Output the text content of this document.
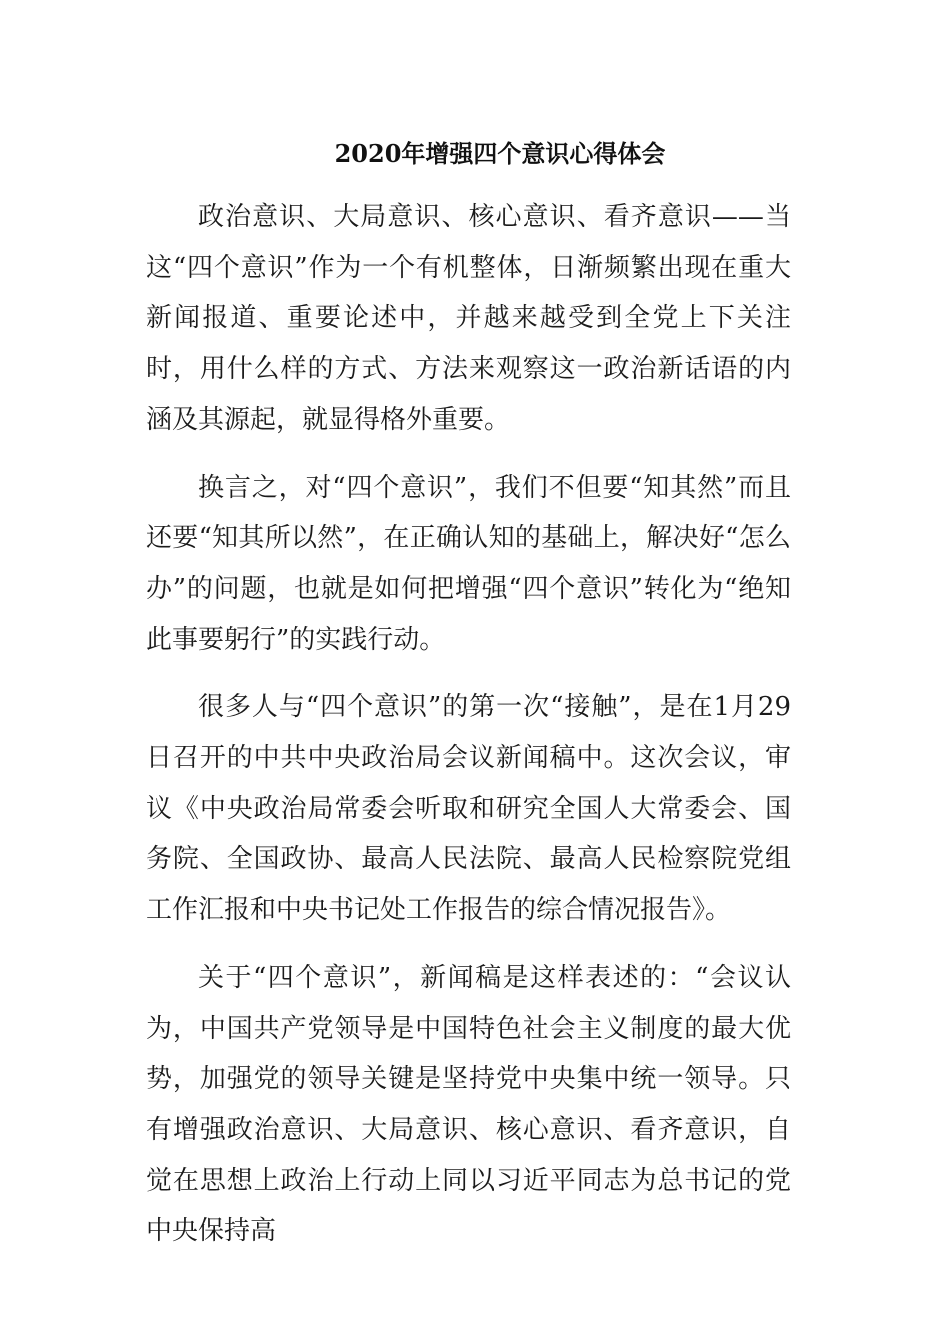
2020年增强四个意识心得体会

政治意识、大局意识、核心意识、看齐意识——当这“四个意识”作为一个有机整体，日渐频繁出现在重大新闻报道、重要论述中，并越来越受到全党上下关注时，用什么样的方式、方法来观察这一政治新话语的内涵及其源起，就显得格外重要。

换言之，对“四个意识”，我们不但要“知其然”而且还要“知其所以然”，在正确认知的基础上，解决好“怎么办”的问题，也就是如何把增强“四个意识”转化为“绝知此事要躬行”的实践行动。

很多人与“四个意识”的第一次“接触”，是在1月29日召开的中共中央政治局会议新闻稿中。这次会议，审议《中央政治局常委会听取和研究全国人大常委会、国务院、全国政协、最高人民法院、最高人民检察院党组工作汇报和中央书记处工作报告的综合情况报告》。

关于“四个意识”，新闻稿是这样表述的：“会议认为，中国共产党领导是中国特色社会主义制度的最大优势，加强党的领导关键是坚持党中央集中统一领导。只有增强政治意识、大局意识、核心意识、看齐意识，自觉在思想上政治上行动上同以习近平同志为总书记的党中央保持高
